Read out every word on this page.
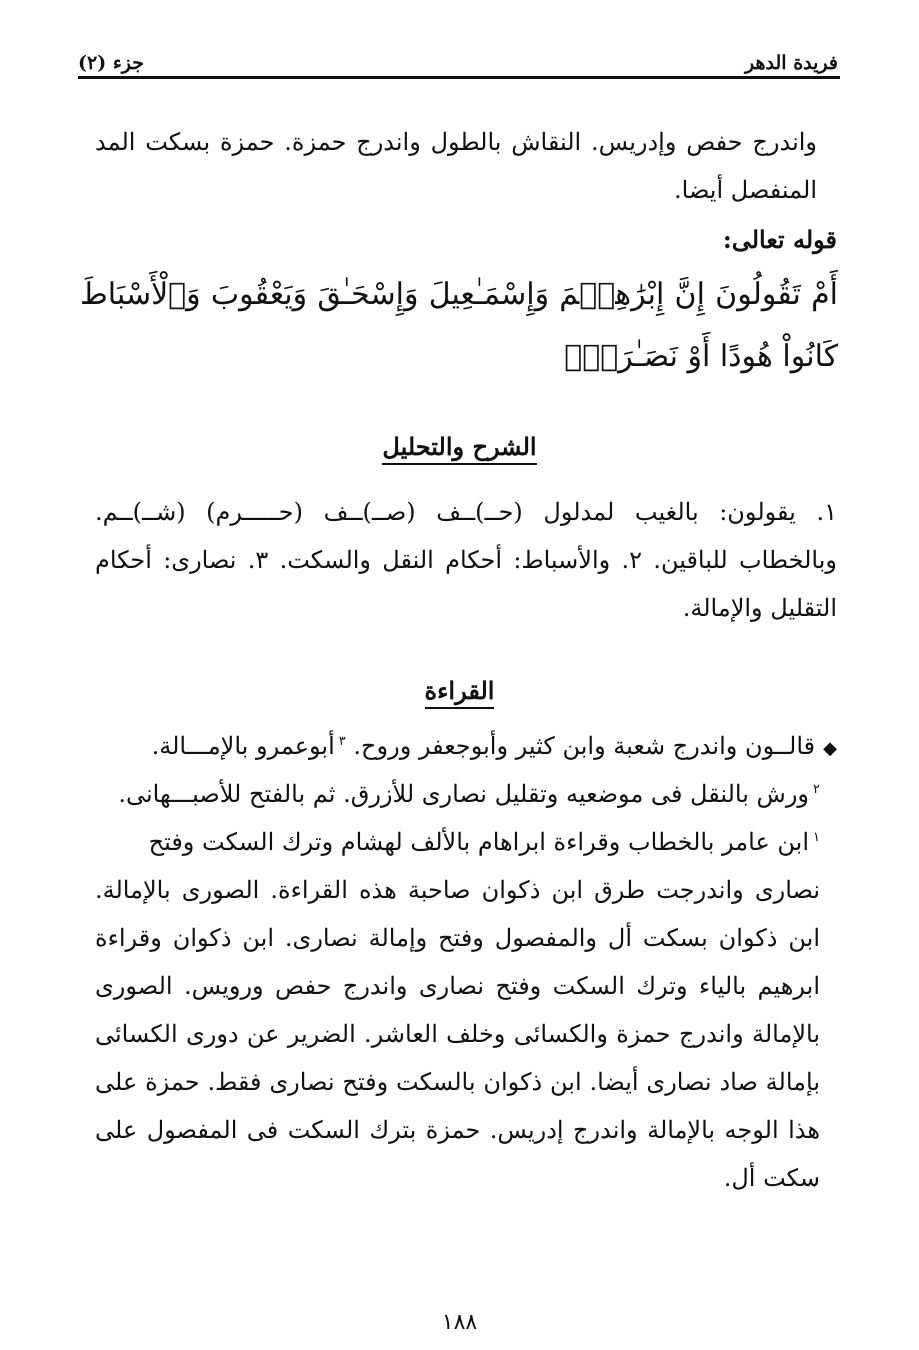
فريدة الدهر
جزء (٢)
واندرج حفص وإدريس. النقاش بالطول واندرج حمزة. حمزة بسكت المد المنفصل أيضا.
قوله تعالى:
أَمْ تَقُولُونَ إِنَّ إِبْرَٰهِـۧمَ وَإِسْمَـٰعِيلَ وَإِسْحَـٰقَ وَيَعْقُوبَ وَٱلْأَسْبَاطَ كَانُواْ هُودًا أَوْ نَصَـٰرَىٰۗ
الشرح والتحليل
١. يقولون: بالغيب لمدلول (حــ)ــف (صــ)ــف (حـــــرم) (شــ)ــم. وبالخطاب للباقين. ٢. والأسباط: أحكام النقل والسكت. ٣. نصارى: أحكام التقليل والإمالة.
القراءة
◆قالــون واندرج شعبة وابن كثير وأبوجعفر وروح. $^٣$أبوعمرو بالإمـــالة.
$^٢$ورش بالنقل فى موضعيه وتقليل نصارى للأزرق. ثم بالفتح للأصبـــهانى.
$^١$ابن عامر بالخطاب وقراءة ابراهام بالألف لهشام وترك السكت وفتح
نصارى واندرجت طرق ابن ذكوان صاحبة هذه القراءة. الصورى بالإمالة. ابن ذكوان بسكت أل والمفصول وفتح وإمالة نصارى. ابن ذكوان وقراءة ابرهيم بالياء وترك السكت وفتح نصارى واندرج حفص ورويس. الصورى بالإمالة واندرج حمزة والكسائى وخلف العاشر. الضرير عن دورى الكسائى بإمالة صاد نصارى أيضا. ابن ذكوان بالسكت وفتح نصارى فقط. حمزة على هذا الوجه بالإمالة واندرج إدريس. حمزة بترك السكت فى المفصول على سكت أل.
١٨٨
